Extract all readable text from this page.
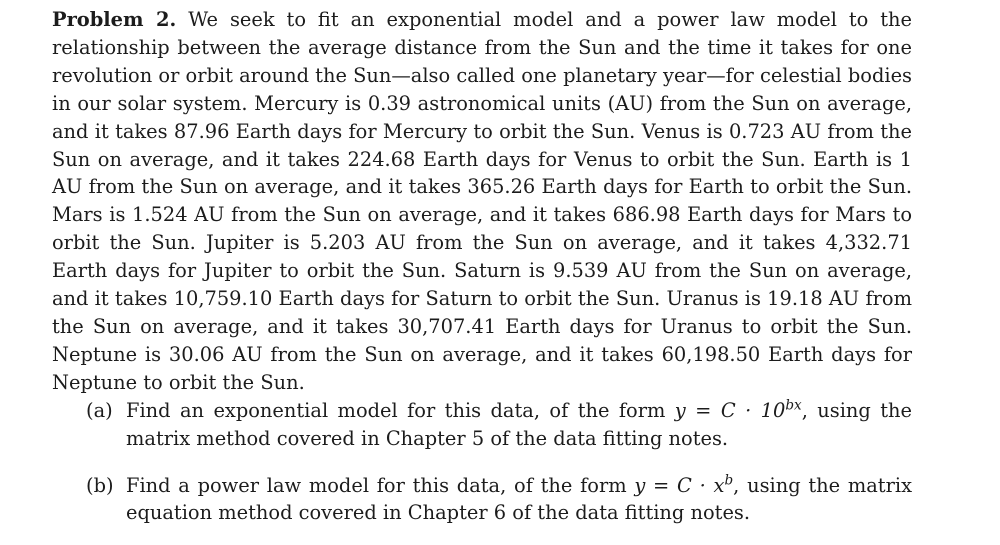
Problem 2. We seek to fit an exponential model and a power law model to the relationship between the average distance from the Sun and the time it takes for one revolution or orbit around the Sun—also called one planetary year—for celestial bodies in our solar system. Mercury is 0.39 astronomical units (AU) from the Sun on average, and it takes 87.96 Earth days for Mercury to orbit the Sun. Venus is 0.723 AU from the Sun on average, and it takes 224.68 Earth days for Venus to orbit the Sun. Earth is 1 AU from the Sun on average, and it takes 365.26 Earth days for Earth to orbit the Sun. Mars is 1.524 AU from the Sun on average, and it takes 686.98 Earth days for Mars to orbit the Sun. Jupiter is 5.203 AU from the Sun on average, and it takes 4,332.71 Earth days for Jupiter to orbit the Sun. Saturn is 9.539 AU from the Sun on average, and it takes 10,759.10 Earth days for Saturn to orbit the Sun. Uranus is 19.18 AU from the Sun on average, and it takes 30,707.41 Earth days for Uranus to orbit the Sun. Neptune is 30.06 AU from the Sun on average, and it takes 60,198.50 Earth days for Neptune to orbit the Sun.

(a) Find an exponential model for this data, of the form $y = C \cdot 10^{bx}$, using the matrix method covered in Chapter 5 of the data fitting notes.
(b) Find a power law model for this data, of the form $y = C \cdot x^b$, using the matrix equation method covered in Chapter 6 of the data fitting notes.
